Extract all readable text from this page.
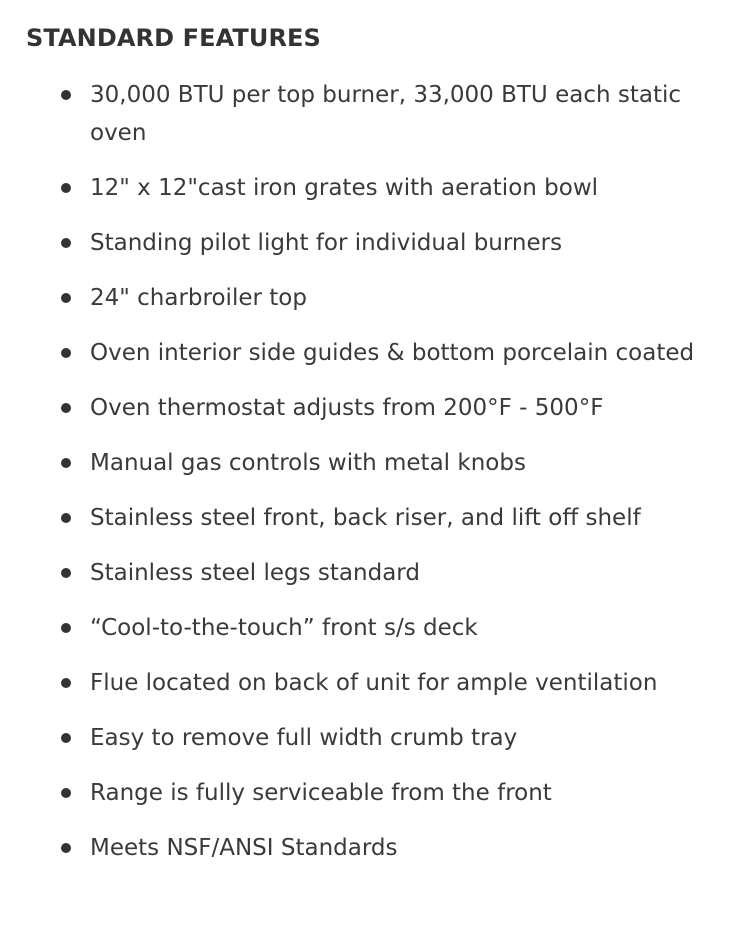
STANDARD FEATURES
30,000 BTU per top burner, 33,000 BTU each static oven
12" x 12"cast iron grates with aeration bowl
Standing pilot light for individual burners
24" charbroiler top
Oven interior side guides & bottom porcelain coated
Oven thermostat adjusts from 200°F - 500°F
Manual gas controls with metal knobs
Stainless steel front, back riser, and lift off shelf
Stainless steel legs standard
“Cool-to-the-touch” front s/s deck
Flue located on back of unit for ample ventilation
Easy to remove full width crumb tray
Range is fully serviceable from the front
Meets NSF/ANSI Standards
